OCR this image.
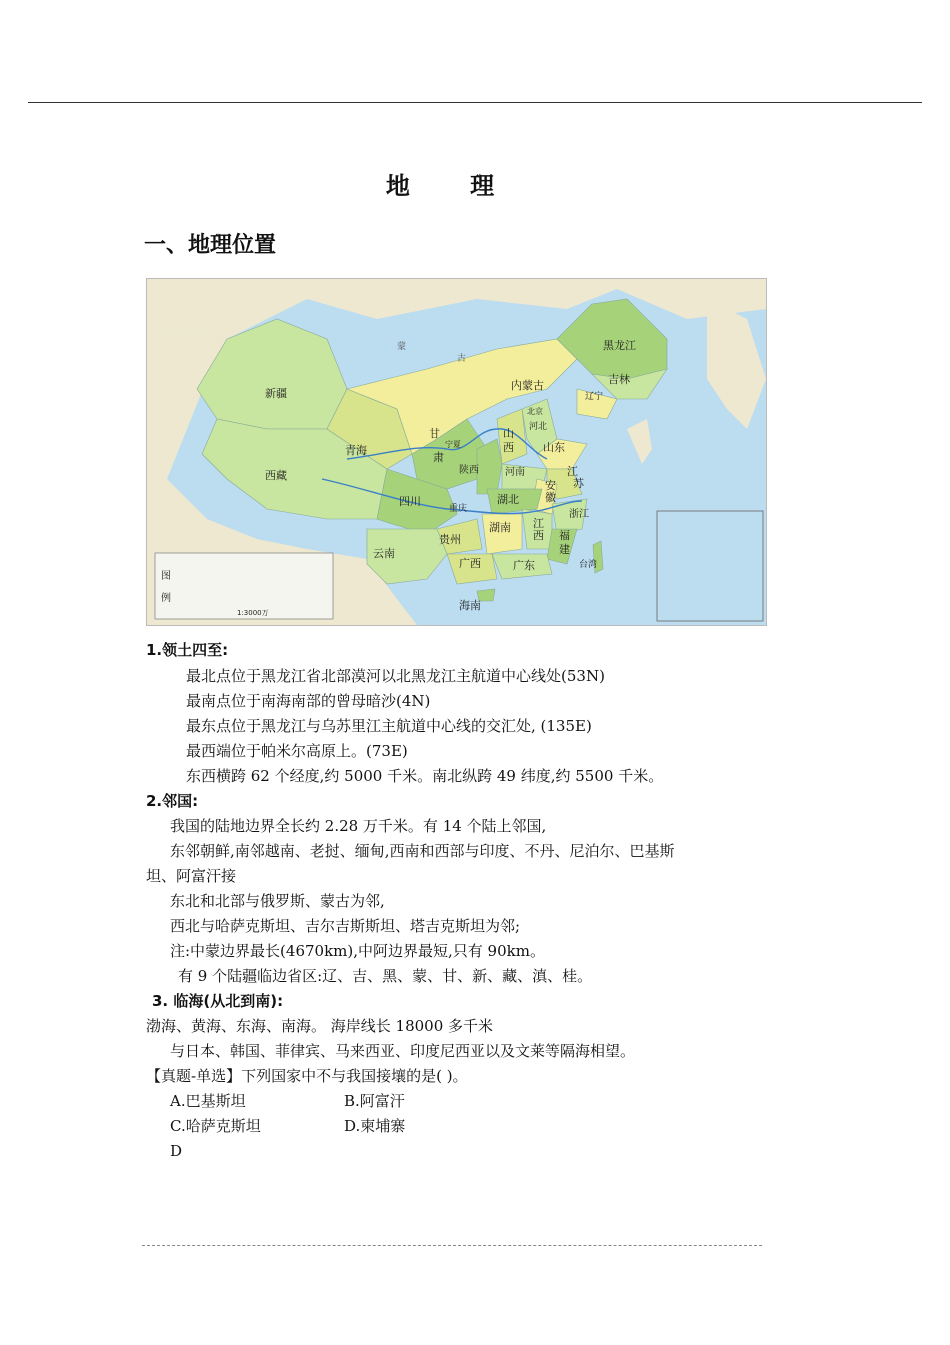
地 理
一、地理位置
新疆
西藏
青海
甘
肃
内蒙古
黑龙江
吉林
辽宁
河北
北京
山
西	山东
宁夏
陕西	河南	江
苏
安
徽
湖北
四川
重庆	浙江
贵州
湖南 江
西 福
建
云南
广西	广东	台湾
海南
蒙
古
图
例
1:3000万
1.领土四至:
最北点位于黑龙江省北部漠河以北黑龙江主航道中心线处(53N)
最南点位于南海南部的曾母暗沙(4N)
最东点位于黑龙江与乌苏里江主航道中心线的交汇处, (135E)
最西端位于帕米尔高原上。(73E)
东西横跨 62 个经度,约 5000 千米。南北纵跨 49 纬度,约 5500 千米。
2.邻国:
我国的陆地边界全长约 2.28 万千米。有 14 个陆上邻国,
东邻朝鲜,南邻越南、老挝、缅甸,西南和西部与印度、不丹、尼泊尔、巴基斯
坦、阿富汗接
东北和北部与俄罗斯、蒙古为邻,
西北与哈萨克斯坦、吉尔吉斯斯坦、塔吉克斯坦为邻;
注:中蒙边界最长(4670km),中阿边界最短,只有 90km。
有 9 个陆疆临边省区:辽、吉、黑、蒙、甘、新、藏、滇、桂。
3. 临海(从北到南):
渤海、黄海、东海、南海。 海岸线长 18000 多千米
与日本、韩国、菲律宾、马来西亚、印度尼西亚以及文莱等隔海相望。
【真题-单选】下列国家中不与我国接壤的是( )。
A.巴基斯坦	B.阿富汗
C.哈萨克斯坦	D.柬埔寨
D
